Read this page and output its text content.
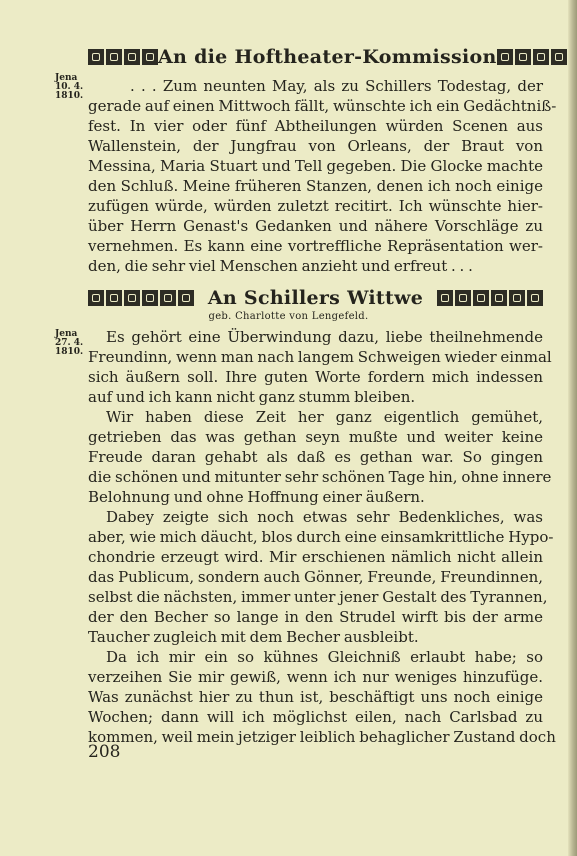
An die Hoftheater-Kommission
Jena
10. 4.
1810.
. . . Zum neunten May, als zu Schillers Todestag, der
gerade auf einen Mittwoch fällt, wünschte ich ein Gedächtniß-
fest. In vier oder fünf Abtheilungen würden Scenen aus
Wallenstein, der Jungfrau von Orleans, der Braut von
Messina, Maria Stuart und Tell gegeben. Die Glocke machte
den Schluß. Meine früheren Stanzen, denen ich noch einige
zufügen würde, würden zuletzt recitirt. Ich wünschte hier-
über Herrn Genast's Gedanken und nähere Vorschläge zu
vernehmen. Es kann eine vortreffliche Repräsentation wer-
den, die sehr viel Menschen anzieht und erfreut . . .
An Schillers Wittwe
geb. Charlotte von Lengefeld.
Jena
27. 4.
1810.
Es gehört eine Überwindung dazu, liebe theilnehmende
Freundinn, wenn man nach langem Schweigen wieder einmal
sich äußern soll. Ihre guten Worte fordern mich indessen
auf und ich kann nicht ganz stumm bleiben.
Wir haben diese Zeit her ganz eigentlich gemühet,
getrieben das was gethan seyn mußte und weiter keine
Freude daran gehabt als daß es gethan war. So gingen
die schönen und mitunter sehr schönen Tage hin, ohne innere
Belohnung und ohne Hoffnung einer äußern.
Dabey zeigte sich noch etwas sehr Bedenkliches, was
aber, wie mich däucht, blos durch eine einsamkrittliche Hypo-
chondrie erzeugt wird. Mir erschienen nämlich nicht allein
das Publicum, sondern auch Gönner, Freunde, Freundinnen,
selbst die nächsten, immer unter jener Gestalt des Tyrannen,
der den Becher so lange in den Strudel wirft bis der arme
Taucher zugleich mit dem Becher ausbleibt.
Da ich mir ein so kühnes Gleichniß erlaubt habe; so
verzeihen Sie mir gewiß, wenn ich nur weniges hinzufüge.
Was zunächst hier zu thun ist, beschäftigt uns noch einige
Wochen; dann will ich möglichst eilen, nach Carlsbad zu
kommen, weil mein jetziger leiblich behaglicher Zustand doch
208
